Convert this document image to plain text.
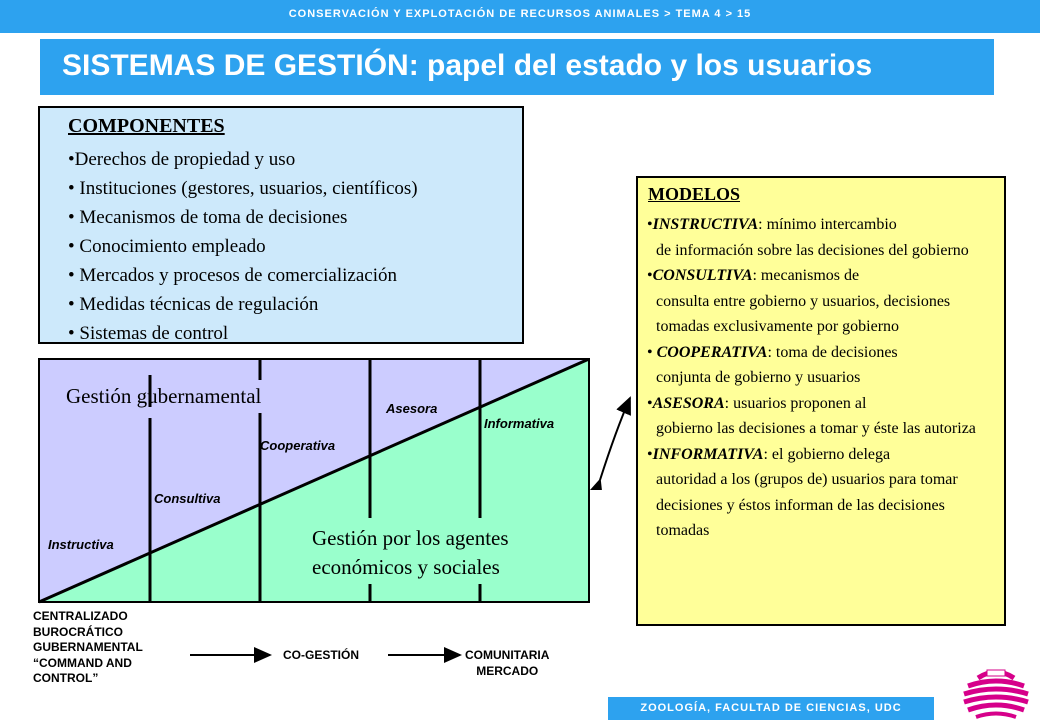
CONSERVACIÓN Y EXPLOTACIÓN DE RECURSOS ANIMALES > TEMA 4 > 15
SISTEMAS DE GESTIÓN: papel del estado y los usuarios
COMPONENTES
•Derechos de propiedad y uso
• Instituciones (gestores, usuarios, científicos)
• Mecanismos de toma de decisiones
• Conocimiento empleado
• Mercados y procesos de comercialización
• Medidas técnicas de regulación
• Sistemas de control
Gestión gubernamental
Gestión por los agentes
económicos y sociales
Instructiva
Consultiva
Cooperativa
Asesora
Informativa
CENTRALIZADO
BUROCRÁTICO
GUBERNAMENTAL
“COMMAND AND
CONTROL”
CO-GESTIÓN	COMUNITARIA
MERCADO
MODELOS
•INSTRUCTIVA: mínimo intercambio
de información sobre las decisiones del gobierno
•CONSULTIVA: mecanismos de
consulta entre gobierno y usuarios, decisiones tomadas exclusivamente por gobierno
• COOPERATIVA: toma de decisiones
conjunta de gobierno y usuarios
•ASESORA: usuarios proponen al
gobierno las decisiones a tomar y éste las autoriza
•INFORMATIVA: el gobierno delega
autoridad a los (grupos de) usuarios para tomar decisiones y éstos informan de las decisiones tomadas
ZOOLOGÍA, FACULTAD DE CIENCIAS, UDC
